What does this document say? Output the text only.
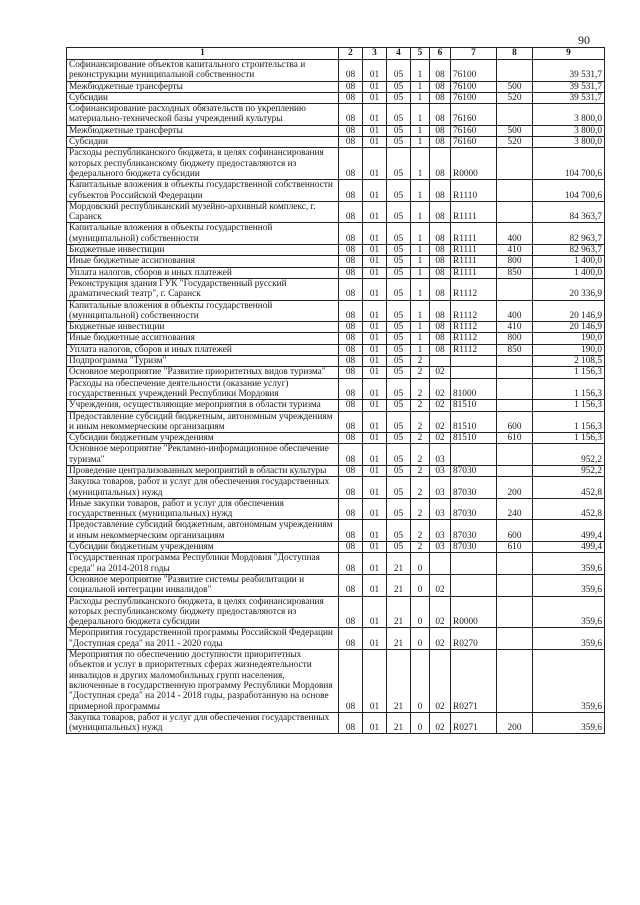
90
1	2	3	4	5	6	7	8	9
Софинансирование объектов капитального строительства и реконструкции муниципальной собственности	08	01	05	1	08	76100		39 531,7
Межбюджетные трансферты	08	01	05	1	08	76100	500	39 531,7
Субсидии	08	01	05	1	08	76100	520	39 531,7
Софинансирование расходных обязательств по укреплению материально-технической базы учреждений культуры	08	01	05	1	08	76160		3 800,0
Межбюджетные трансферты	08	01	05	1	08	76160	500	3 800,0
Субсидии	08	01	05	1	08	76160	520	3 800,0
Расходы республиканского бюджета, в целях софинансирования которых республиканскому бюджету предоставляются из федерального бюджета субсидии	08	01	05	1	08	R0000		104 700,6
Капитальные вложения в объекты государственной собственности субъектов Российской Федерации	08	01	05	1	08	R1110		104 700,6
Мордовский республиканский музейно-архивный комплекс, г. Саранск	08	01	05	1	08	R1111		84 363,7
Капитальные вложения в объекты государственной (муниципальной) собственности	08	01	05	1	08	R1111	400	82 963,7
Бюджетные инвестиции	08	01	05	1	08	R1111	410	82 963,7
Иные бюджетные ассигнования	08	01	05	1	08	R1111	800	1 400,0
Уплата налогов, сборов и иных платежей	08	01	05	1	08	R1111	850	1 400,0
Реконструкция здания ГУК "Государственный русский драматический театр", г. Саранск	08	01	05	1	08	R1112		20 336,9
Капитальные вложения в объекты государственной (муниципальной) собственности	08	01	05	1	08	R1112	400	20 146,9
Бюджетные инвестиции	08	01	05	1	08	R1112	410	20 146,9
Иные бюджетные ассигнования	08	01	05	1	08	R1112	800	190,0
Уплата налогов, сборов и иных платежей	08	01	05	1	08	R1112	850	190,0
Подпрограмма "Туризм"	08	01	05	2				2 108,5
Основное мероприятие "Развитие приоритетных видов туризма"	08	01	05	2	02			1 156,3
Расходы на обеспечение деятельности (оказание услуг) государственных учреждений Республики Мордовия	08	01	05	2	02	81000		1 156,3
Учреждения, осуществляющие мероприятия в области туризма	08	01	05	2	02	81510		1 156,3
Предоставление субсидий бюджетным, автономным учреждениям и иным некоммерческим организациям	08	01	05	2	02	81510	600	1 156,3
Субсидии бюджетным учреждениям	08	01	05	2	02	81510	610	1 156,3
Основное мероприятие "Рекламно-информационное обеспечение туризма"	08	01	05	2	03			952,2
Проведение централизованных мероприятий в области культуры	08	01	05	2	03	87030		952,2
Закупка товаров, работ и услуг для обеспечения государственных (муниципальных) нужд	08	01	05	2	03	87030	200	452,8
Иные закупки товаров, работ и услуг для обеспечения государственных (муниципальных) нужд	08	01	05	2	03	87030	240	452,8
Предоставление субсидий бюджетным, автономным учреждениям и иным некоммерческим организациям	08	01	05	2	03	87030	600	499,4
Субсидии бюджетным учреждениям	08	01	05	2	03	87030	610	499,4
Государственная программа Республики Мордовия "Доступная среда" на 2014-2018 годы	08	01	21	0				359,6
Основное мероприятие "Развитие системы реабилитации и социальной интеграции инвалидов"	08	01	21	0	02			359,6
Расходы республиканского бюджета, в целях софинансирования которых республиканскому бюджету предоставляются из федерального бюджета субсидии	08	01	21	0	02	R0000		359,6
Мероприятия государственной программы Российской Федерации "Доступная среда" на 2011 - 2020 годы	08	01	21	0	02	R0270		359,6
Мероприятия по обеспечению доступности приоритетных объектов и услуг в приоритетных сферах жизнедеятельности инвалидов и других маломобильных групп населения, включенные в государственную программу Республики Мордовия "Доступная среда" на 2014 - 2018 годы, разработанную на основе примерной программы	08	01	21	0	02	R0271		359,6
Закупка товаров, работ и услуг для обеспечения государственных (муниципальных) нужд	08	01	21	0	02	R0271	200	359,6
